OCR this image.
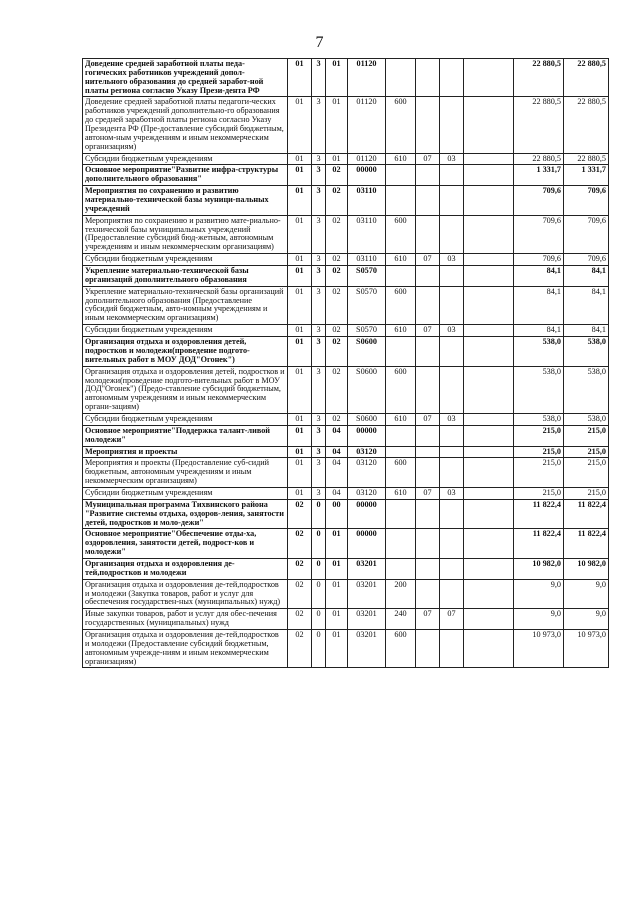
7
Доведение средней заработной платы педа-гогических работников учреждений допол-нительного образования до средней заработ-ной платы региона согласно Указу Прези-дента РФ	01	3	01	01120					22 880,5	22 880,5
Доведение средней заработной платы педагоги-ческих работников учреждений дополнительно-го образования до средней заработной платы региона согласно Указу Президента РФ (Пре-доставление субсидий бюджетным, автоном-ным учреждениям и иным некоммерческим организациям)	01	3	01	01120	600				22 880,5	22 880,5
Субсидии бюджетным учреждениям	01	3	01	01120	610	07	03		22 880,5	22 880,5
Основное мероприятие"Развитие инфра-структуры дополнительного образования"	01	3	02	00000					1 331,7	1 331,7
Мероприятия по сохранению и развитию материально-технической базы муници-пальных учреждений	01	3	02	03110					709,6	709,6
Мероприятия по сохранению и развитию мате-риально-технической базы муниципальных учреждений (Предоставление субсидий бюд-жетным, автономным учреждениям и иным некоммерческим организациям)	01	3	02	03110	600				709,6	709,6
Субсидии бюджетным учреждениям	01	3	02	03110	610	07	03		709,6	709,6
Укрепление материально-технической базы организаций дополнительного образования	01	3	02	S0570					84,1	84,1
Укрепление материально-технической базы организаций дополнительного образования (Предоставление субсидий бюджетным, авто-номным учреждениям и иным некоммерческим организациям)	01	3	02	S0570	600				84,1	84,1
Субсидии бюджетным учреждениям	01	3	02	S0570	610	07	03		84,1	84,1
Организация отдыха и оздоровления детей, подростков и молодежи(проведение подгото-вительных работ в МОУ ДОД"Огонек")	01	3	02	S0600					538,0	538,0
Организация отдыха и оздоровления детей, подростков и молодежи(проведение подгото-вительных работ в МОУ ДОД"Огонек") (Предо-ставление субсидий бюджетным, автономным учреждениям и иным некоммерческим органи-зациям)	01	3	02	S0600	600				538,0	538,0
Субсидии бюджетным учреждениям	01	3	02	S0600	610	07	03		538,0	538,0
Основное мероприятие"Поддержка талант-ливой молодежи"	01	3	04	00000					215,0	215,0
Мероприятия и проекты	01	3	04	03120					215,0	215,0
Мероприятия и проекты (Предоставление суб-сидий бюджетным, автономным учреждениям и иным некоммерческим организациям)	01	3	04	03120	600				215,0	215,0
Субсидии бюджетным учреждениям	01	3	04	03120	610	07	03		215,0	215,0
Муниципальная программа Тихвинского района "Развитие системы отдыха, оздоров-ления, занятости детей, подростков и моло-дежи"	02	0	00	00000					11 822,4	11 822,4
Основное мероприятие"Обеспечение отды-ха, оздоровления, занятости детей, подрост-ков и молодежи"	02	0	01	00000					11 822,4	11 822,4
Организация отдыха и оздоровления де-тей,подростков и молодежи	02	0	01	03201					10 982,0	10 982,0
Организация отдыха и оздоровления де-тей,подростков и молодежи (Закупка товаров, работ и услуг для обеспечения государствен-ных (муниципальных) нужд)	02	0	01	03201	200				9,0	9,0
Иные закупки товаров, работ и услуг для обес-печения государственных (муниципальных) нужд	02	0	01	03201	240	07	07		9,0	9,0
Организация отдыха и оздоровления де-тей,подростков и молодежи (Предоставление субсидий бюджетным, автономным учрежде-ниям и иным некоммерческим организациям)	02	0	01	03201	600				10 973,0	10 973,0
